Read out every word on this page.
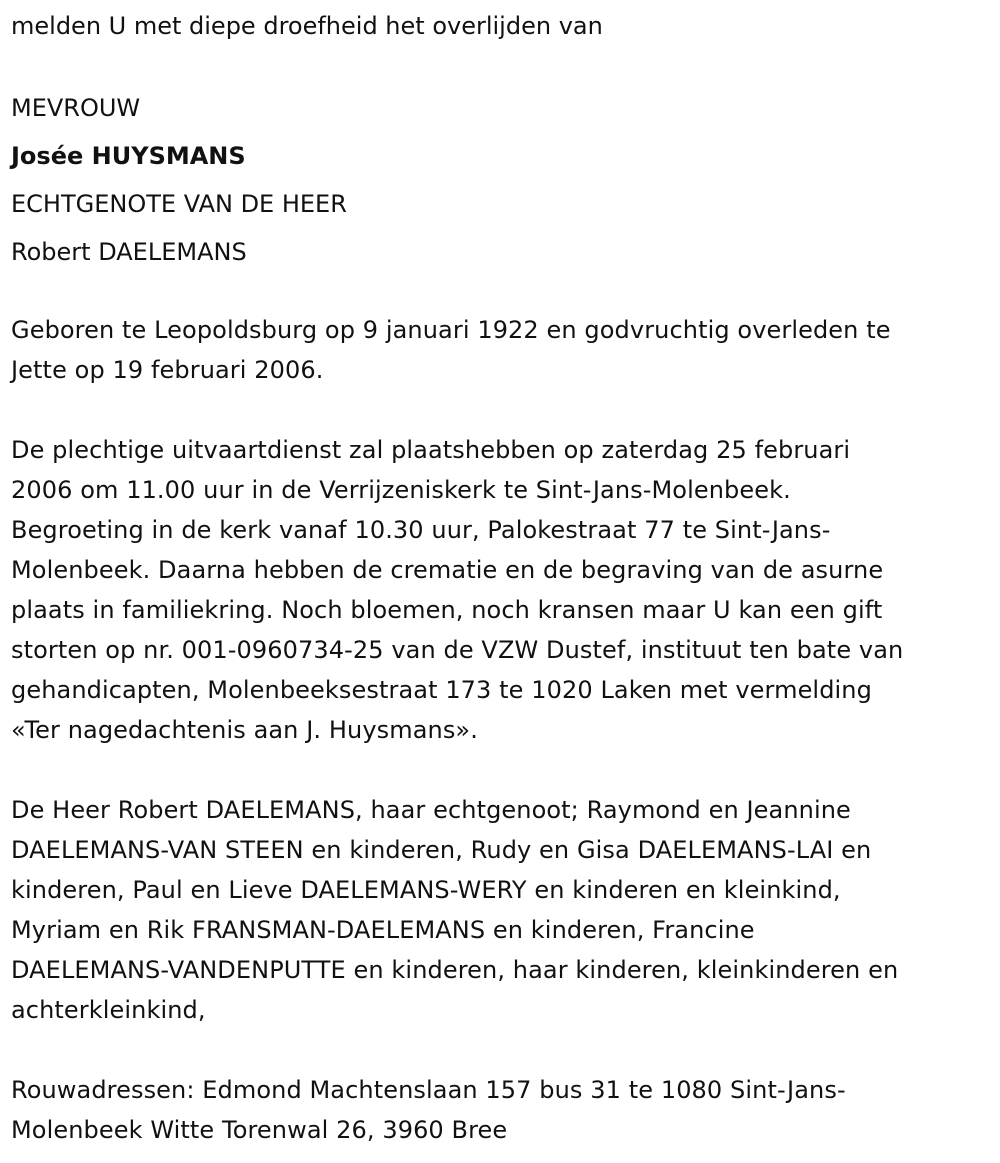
melden U met diepe droefheid het overlijden van
MEVROUW
Josée HUYSMANS
ECHTGENOTE VAN DE HEER
Robert DAELEMANS
Geboren te Leopoldsburg op 9 januari 1922 en godvruchtig overleden te
Jette op 19 februari 2006.
De plechtige uitvaartdienst zal plaatshebben op zaterdag 25 februari
2006 om 11.00 uur in de Verrijzeniskerk te Sint-Jans-Molenbeek.
Begroeting in de kerk vanaf 10.30 uur, Palokestraat 77 te Sint-Jans-
Molenbeek. Daarna hebben de crematie en de begraving van de asurne
plaats in familiekring. Noch bloemen, noch kransen maar U kan een gift
storten op nr. 001-0960734-25 van de VZW Dustef, instituut ten bate van
gehandicapten, Molenbeeksestraat 173 te 1020 Laken met vermelding
«Ter nagedachtenis aan J. Huysmans».
De Heer Robert DAELEMANS, haar echtgenoot; Raymond en Jeannine
DAELEMANS-VAN STEEN en kinderen, Rudy en Gisa DAELEMANS-LAI en
kinderen, Paul en Lieve DAELEMANS-WERY en kinderen en kleinkind,
Myriam en Rik FRANSMAN-DAELEMANS en kinderen, Francine
DAELEMANS-VANDENPUTTE en kinderen, haar kinderen, kleinkinderen en
achterkleinkind,
Rouwadressen: Edmond Machtenslaan 157 bus 31 te 1080 Sint-Jans-
Molenbeek Witte Torenwal 26, 3960 Bree
